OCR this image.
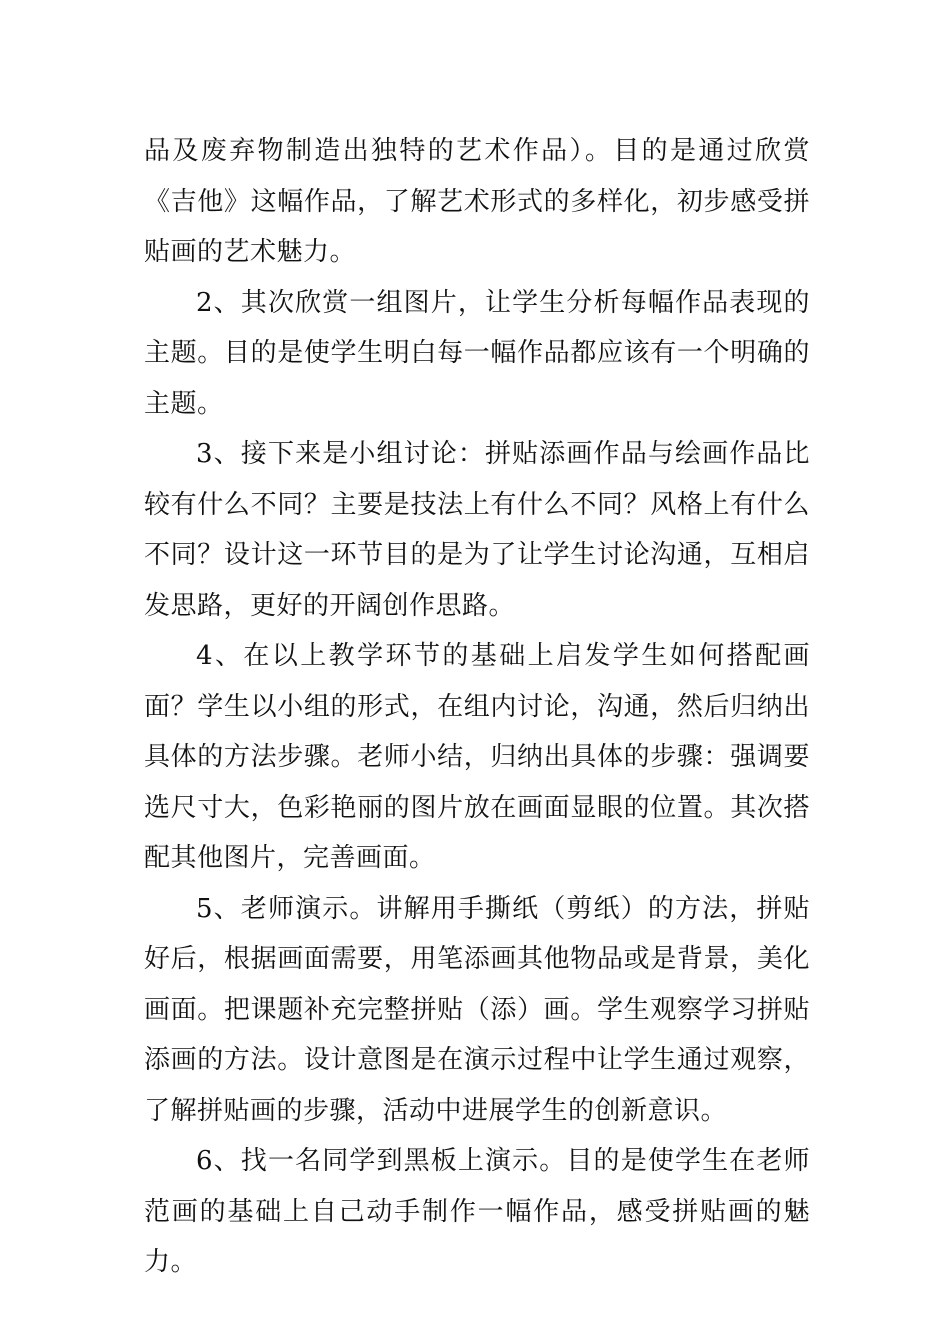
品及废弃物制造出独特的艺术作品）。目的是通过欣赏《吉他》这幅作品，了解艺术形式的多样化，初步感受拼贴画的艺术魅力。

2、其次欣赏一组图片，让学生分析每幅作品表现的主题。目的是使学生明白每一幅作品都应该有一个明确的主题。

3、接下来是小组讨论：拼贴添画作品与绘画作品比较有什么不同？主要是技法上有什么不同？风格上有什么不同？设计这一环节目的是为了让学生讨论沟通，互相启发思路，更好的开阔创作思路。

4、在以上教学环节的基础上启发学生如何搭配画面？学生以小组的形式，在组内讨论，沟通，然后归纳出具体的方法步骤。老师小结，归纳出具体的步骤：强调要选尺寸大，色彩艳丽的图片放在画面显眼的位置。其次搭配其他图片，完善画面。

5、老师演示。讲解用手撕纸（剪纸）的方法，拼贴好后，根据画面需要，用笔添画其他物品或是背景，美化画面。把课题补充完整拼贴（添）画。学生观察学习拼贴添画的方法。设计意图是在演示过程中让学生通过观察，了解拼贴画的步骤，活动中进展学生的创新意识。

6、找一名同学到黑板上演示。目的是使学生在老师范画的基础上自己动手制作一幅作品，感受拼贴画的魅力。
